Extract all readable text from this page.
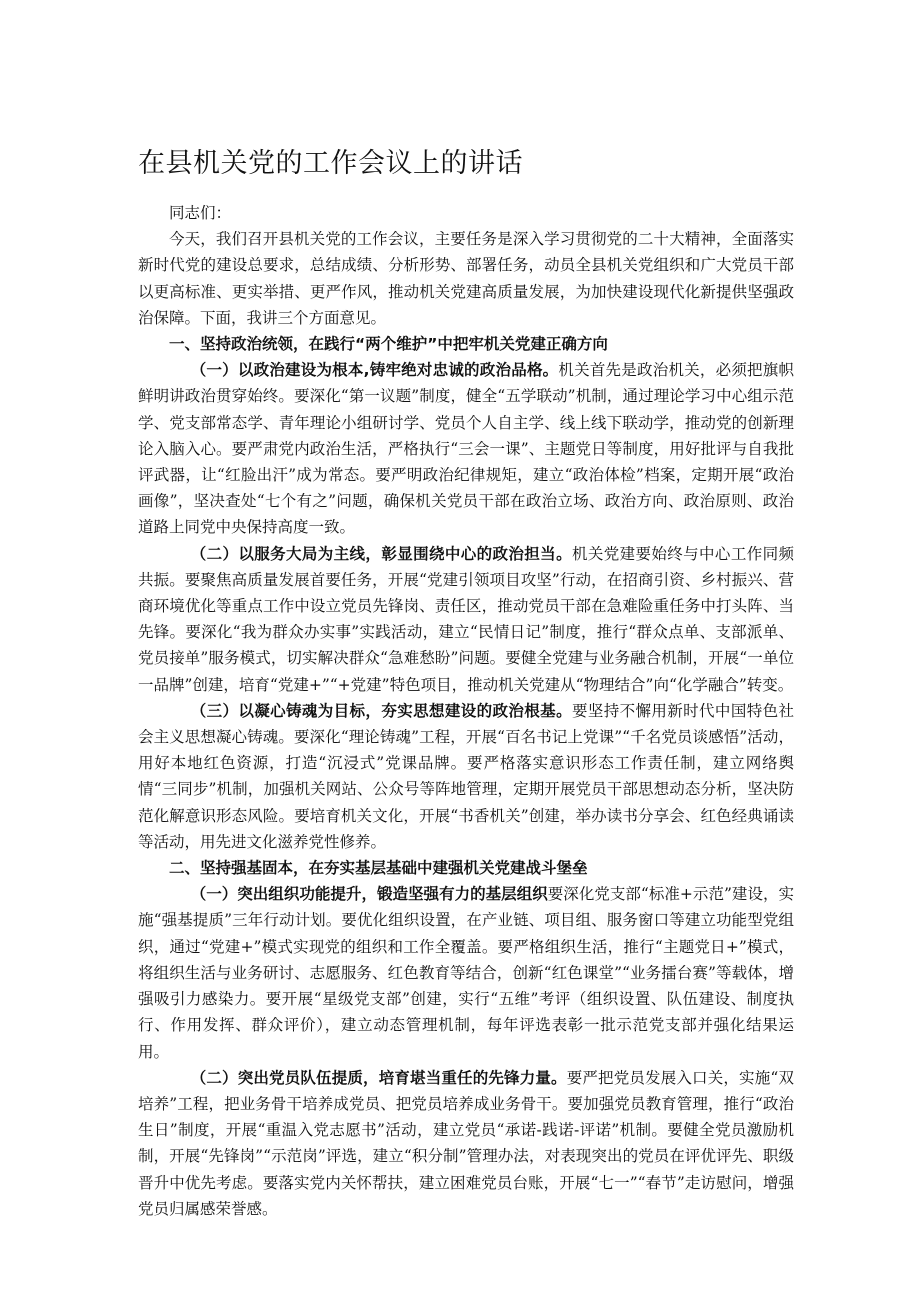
在县机关党的工作会议上的讲话

同志们：

今天，我们召开县机关党的工作会议，主要任务是深入学习贯彻党的二十大精神，全面落实新时代党的建设总要求，总结成绩、分析形势、部署任务，动员全县机关党组织和广大党员干部以更高标准、更实举措、更严作风，推动机关党建高质量发展，为加快建设现代化新提供坚强政治保障。下面，我讲三个方面意见。

一、坚持政治统领，在践行“两个维护”中把牢机关党建正确方向

（一）以政治建设为根本,铸牢绝对忠诚的政治品格。机关首先是政治机关，必须把旗帜鲜明讲政治贯穿始终。要深化“第一议题”制度，健全“五学联动”机制，通过理论学习中心组示范学、党支部常态学、青年理论小组研讨学、党员个人自主学、线上线下联动学，推动党的创新理论入脑入心。要严肃党内政治生活，严格执行“三会一课”、主题党日等制度，用好批评与自我批评武器，让“红脸出汗”成为常态。要严明政治纪律规矩，建立“政治体检”档案，定期开展“政治画像”，坚决查处“七个有之”问题，确保机关党员干部在政治立场、政治方向、政治原则、政治道路上同党中央保持高度一致。

（二）以服务大局为主线，彰显围绕中心的政治担当。机关党建要始终与中心工作同频共振。要聚焦高质量发展首要任务，开展“党建引领项目攻坚”行动，在招商引资、乡村振兴、营商环境优化等重点工作中设立党员先锋岗、责任区，推动党员干部在急难险重任务中打头阵、当先锋。要深化“我为群众办实事”实践活动，建立“民情日记”制度，推行“群众点单、支部派单、党员接单”服务模式，切实解决群众“急难愁盼”问题。要健全党建与业务融合机制，开展“一单位一品牌”创建，培育“党建+”“+党建”特色项目，推动机关党建从“物理结合”向“化学融合”转变。

（三）以凝心铸魂为目标，夯实思想建设的政治根基。要坚持不懈用新时代中国特色社会主义思想凝心铸魂。要深化“理论铸魂”工程，开展“百名书记上党课”“千名党员谈感悟”活动，用好本地红色资源，打造“沉浸式”党课品牌。要严格落实意识形态工作责任制，建立网络舆情“三同步”机制，加强机关网站、公众号等阵地管理，定期开展党员干部思想动态分析，坚决防范化解意识形态风险。要培育机关文化，开展“书香机关”创建，举办读书分享会、红色经典诵读等活动，用先进文化滋养党性修养。

二、坚持强基固本，在夯实基层基础中建强机关党建战斗堡垒

（一）突出组织功能提升，锻造坚强有力的基层组织要深化党支部“标准+示范”建设，实施“强基提质”三年行动计划。要优化组织设置，在产业链、项目组、服务窗口等建立功能型党组织，通过“党建+”模式实现党的组织和工作全覆盖。要严格组织生活，推行“主题党日+”模式，将组织生活与业务研讨、志愿服务、红色教育等结合，创新“红色课堂”“业务擂台赛”等载体，增强吸引力感染力。要开展“星级党支部”创建，实行“五维”考评（组织设置、队伍建设、制度执行、作用发挥、群众评价），建立动态管理机制，每年评选表彰一批示范党支部并强化结果运用。

（二）突出党员队伍提质，培育堪当重任的先锋力量。要严把党员发展入口关，实施“双培养”工程，把业务骨干培养成党员、把党员培养成业务骨干。要加强党员教育管理，推行“政治生日”制度，开展“重温入党志愿书”活动，建立党员“承诺-践诺-评诺”机制。要健全党员激励机制，开展“先锋岗”“示范岗”评选，建立“积分制”管理办法，对表现突出的党员在评优评先、职级晋升中优先考虑。要落实党内关怀帮扶，建立困难党员台账，开展“七一”“春节”走访慰问，增强党员归属感荣誉感。
